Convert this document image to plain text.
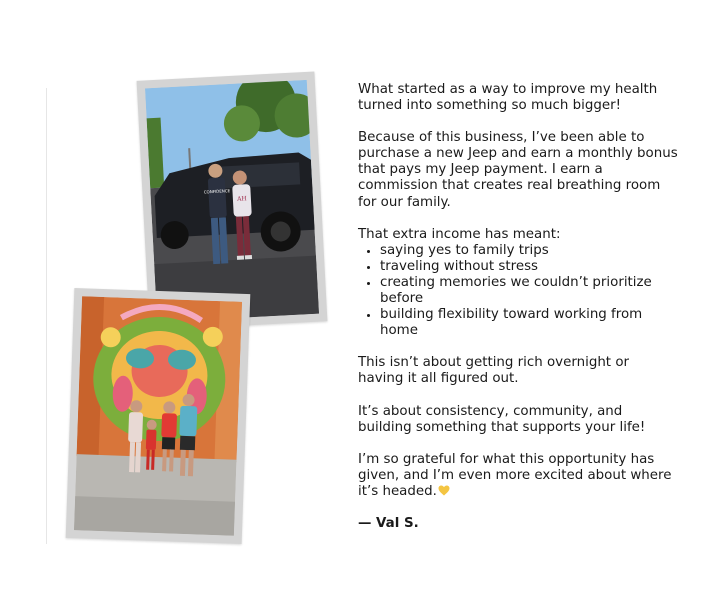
CONFIDENCE
AH

What started as a way to improve my health turned into something so much bigger!

Because of this business, I’ve been able to purchase a new Jeep and earn a monthly bonus that pays my Jeep payment. I earn a commission that creates real breathing room for our family.

That extra income has meant:

• saying yes to family trips
• traveling without stress
• creating memories we couldn’t prioritize before
• building flexibility toward working from home

This isn’t about getting rich overnight or having it all figured out.

It’s about consistency, community, and building something that supports your life!

I’m so grateful for what this opportunity has given, and I’m even more excited about where it’s headed.

— Val S.
